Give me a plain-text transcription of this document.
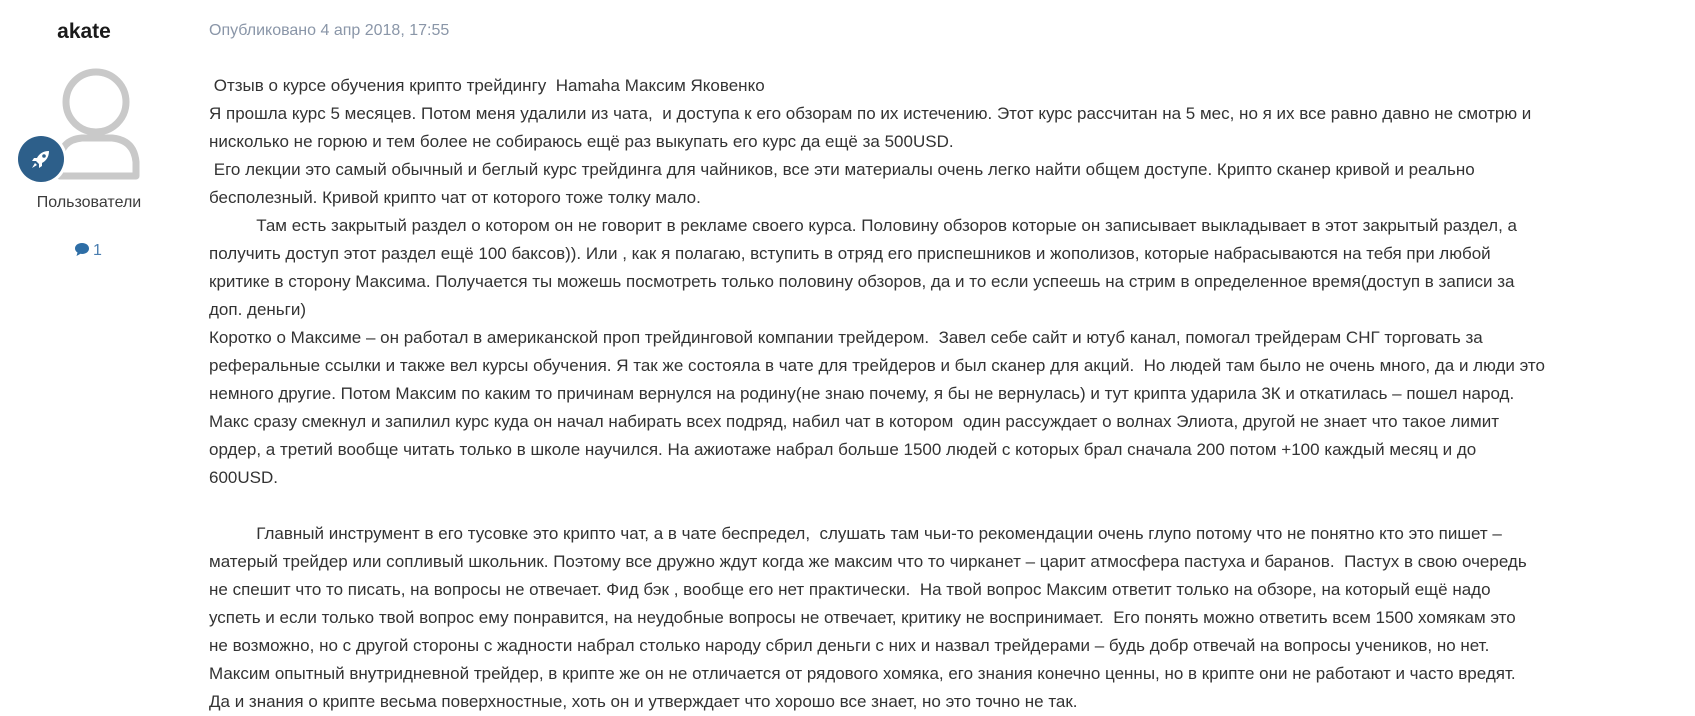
akate
Пользователи
1
Опубликовано 4 апр 2018, 17:55

Отзыв о курсе обучения крипто трейдингу  Hamaha Максим Яковенко

Я прошла курс 5 месяцев. Потом меня удалили из чата,  и доступа к его обзорам по их истечению. Этот курс рассчитан на 5 мес, но я их все равно давно не смотрю и

нисколько не горюю и тем более не собираюсь ещё раз выкупать его курс да ещё за 500USD.

Его лекции это самый обычный и беглый курс трейдинга для чайников, все эти материалы очень легко найти общем доступе. Крипто сканер кривой и реально

бесполезный. Кривой крипто чат от которого тоже толку мало.

Там есть закрытый раздел о котором он не говорит в рекламе своего курса. Половину обзоров которые он записывает выкладывает в этот закрытый раздел, а

получить доступ этот раздел ещё 100 баксов)). Или , как я полагаю, вступить в отряд его приспешников и жополизов, которые набрасываются на тебя при любой

критике в сторону Максима. Получается ты можешь посмотреть только половину обзоров, да и то если успеешь на стрим в определенное время(доступ в записи за

доп. деньги)

Коротко о Максиме – он работал в американской проп трейдинговой компании трейдером.  Завел себе сайт и ютуб канал, помогал трейдерам СНГ торговать за

реферальные ссылки и также вел курсы обучения. Я так же состояла в чате для трейдеров и был сканер для акций.  Но людей там было не очень много, да и люди это

немного другие. Потом Максим по каким то причинам вернулся на родину(не знаю почему, я бы не вернулась) и тут крипта ударила 3К и откатилась – пошел народ.

Макс сразу смекнул и запилил курс куда он начал набирать всех подряд, набил чат в котором  один рассуждает о волнах Элиота, другой не знает что такое лимит

ордер, а третий вообще читать только в школе научился. На ажиотаже набрал больше 1500 людей с которых брал сначала 200 потом +100 каждый месяц и до

600USD.

Главный инструмент в его тусовке это крипто чат, а в чате беспредел,  слушать там чьи-то рекомендации очень глупо потому что не понятно кто это пишет –

матерый трейдер или сопливый школьник. Поэтому все дружно ждут когда же максим что то чирканет – царит атмосфера пастуха и баранов.  Пастух в свою очередь

не спешит что то писать, на вопросы не отвечает. Фид бэк , вообще его нет практически.  На твой вопрос Максим ответит только на обзоре, на который ещё надо

успеть и если только твой вопрос ему понравится, на неудобные вопросы не отвечает, критику не воспринимает.  Его понять можно ответить всем 1500 хомякам это

не возможно, но с другой стороны с жадности набрал столько народу сбрил деньги с них и назвал трейдерами – будь добр отвечай на вопросы учеников, но нет.

Максим опытный внутридневной трейдер, в крипте же он не отличается от рядового хомяка, его знания конечно ценны, но в крипте они не работают и часто вредят.

Да и знания о крипте весьма поверхностные, хоть он и утверждает что хорошо все знает, но это точно не так.
